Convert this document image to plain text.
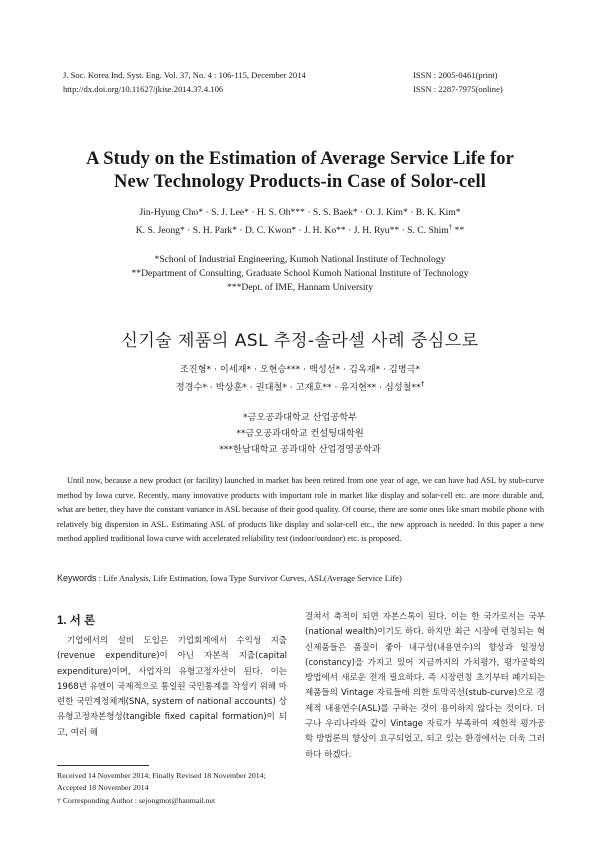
J. Soc. Korea Ind. Syst. Eng. Vol. 37, No. 4 : 106-115, December 2014
http://dx.doi.org/10.11627/jkise.2014.37.4.106
ISSN : 2005-0461(print)
ISSN : 2287-7975(online)
A Study on the Estimation of Average Service Life for
New Technology Products-in Case of Solor-cell
Jin-Hyung Cho* · S. J. Lee* · H. S. Oh*** · S. S. Baek* · O. J. Kim* · B. K. Kim*
K. S. Jeong* · S. H. Park* · D. C. Kwon* · J. H. Ko** · J. H. Ryu** · S. C. Shim† **
*School of Industrial Engineering, Kumoh National Institute of Technology
**Department of Consulting, Graduate School Kumoh National Institute of Technology
***Dept. of IME, Hannam University
신기술 제품의 ASL 추정-솔라셀 사례 중심으로
조진형* · 이세재* · 오현승*** · 백성선* · 김옥재* · 김병극*
정경수* · 박상훈* · 권대철* · 고재호** · 유지현** · 심성철**†
*금오공과대학교 산업공학부
**금오공과대학교 컨설팅대학원
***한남대학교 공과대학 산업경영공학과
Until now, because a new product (or facility) launched in market has been retired from one year of age, we can have had ASL by stub-curve method by Iowa curve. Recently, many innovative products with important role in market like display and solar-cell etc. are more durable and, what are better, they have the constant variance in ASL because of their good quality. Of course, there are some ones like smart mobile phone with relatively big dispersion in ASL. Estimating ASL of products like display and solar-cell etc., the new approach is needed. In this paper a new method applied traditional Iowa curve with accelerated reliability test (indoor/outdoor) etc. is proposed.
Keywords : Life Analysis, Life Estimation, Iowa Type Survivor Curves, ASL(Average Service Life)
1. 서 론

기업에서의 설비 도입은 기업회계에서 수익성 지출(revenue expenditure)이 아닌 자본적 지출(capital expenditure)이며, 사업자의 유형고정자산이 된다. 이는 1968년 유엔이 국제적으로 통일된 국민통계를 작성키 위해 마련한 국민계정체계(SNA, system of national accounts) 상 유형고정자본형성(tangible fixed capital formation)이 되고, 여러 해

걸쳐서 축적이 되면 자본스톡이 된다. 이는 한 국가로서는 국부(national wealth)이기도 하다. 하지만 최근 시장에 런칭되는 혁신제품들은 품질이 좋아 내구성(내용연수)의 향상과 일정성(constancy)을 가지고 있어 지금까지의 가치평가, 평가공학의 방법에서 새로운 전개 필요하다. 즉 시장런칭 초기부터 폐기되는 제품들의 Vintage 자료들에 의한 토막곡선(stub-curve)으로 경제적 내용연수(ASL)를 구하는 것이 용이하지 않다는 것이다. 더구나 우리나라와 같이 Vintage 자료가 부족하여 제한적 평가공학 방법론의 향상이 요구되었고, 되고 있는 환경에서는 더욱 그러하다 하겠다.

Received 14 November 2014; Finally Revised 18 November 2014;

Accepted 18 November 2014

† Corresponding Author : sejongmot@hanmail.net
